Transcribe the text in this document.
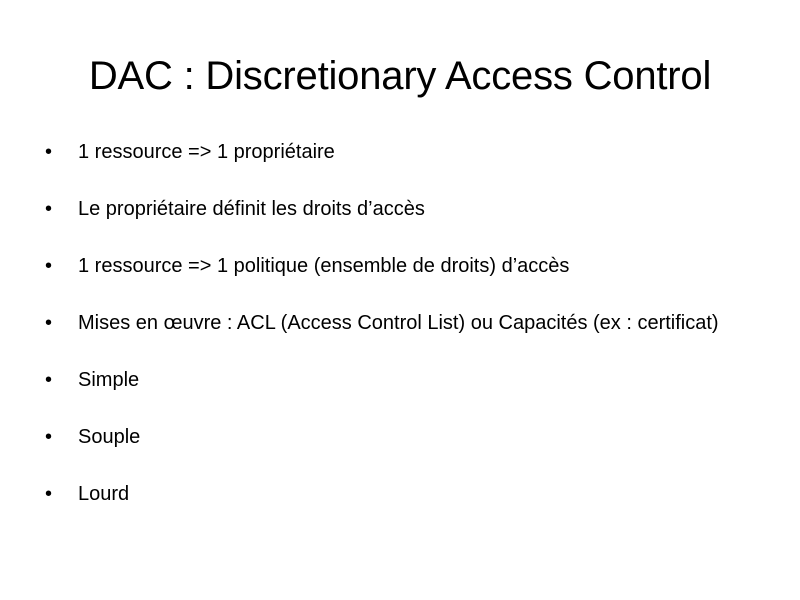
DAC : Discretionary Access Control
• 1 ressource => 1 propriétaire
• Le propriétaire définit les droits d’accès
• 1 ressource => 1 politique (ensemble de droits) d’accès
• Mises en œuvre : ACL (Access Control List) ou Capacités (ex : certificat)
• Simple
• Souple
• Lourd
